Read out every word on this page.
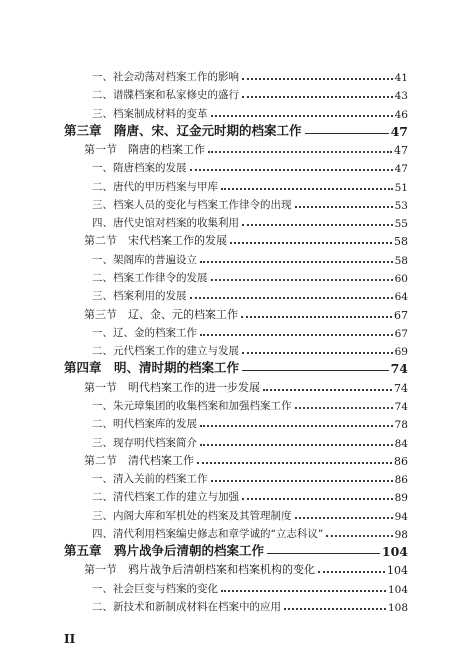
一、社会动荡对档案工作的影响	41
二、谱牒档案和私家修史的盛行	43
三、档案制成材料的变革	46
第三章　隋唐、宋、辽金元时期的档案工作	47
第一节　隋唐的档案工作	47
一、隋唐档案的发展	47
二、唐代的甲历档案与甲库	51
三、档案人员的变化与档案工作律令的出现	53
四、唐代史馆对档案的收集利用	55
第二节　宋代档案工作的发展	58
一、架阁库的普遍设立	58
二、档案工作律令的发展	60
三、档案利用的发展	64
第三节　辽、金、元的档案工作	67
一、辽、金的档案工作	67
二、元代档案工作的建立与发展	69
第四章　明、清时期的档案工作	74
第一节　明代档案工作的进一步发展	74
一、朱元璋集团的收集档案和加强档案工作	74
二、明代档案库的发展	78
三、现存明代档案简介	84
第二节　清代档案工作	86
一、清入关前的档案工作	86
二、清代档案工作的建立与加强	89
三、内阁大库和军机处的档案及其管理制度	94
四、清代利用档案编史修志和章学诚的“立志科议”	98
第五章　鸦片战争后清朝的档案工作	104
第一节　鸦片战争后清朝档案和档案机构的变化	104
一、社会巨变与档案的变化	104
二、新技术和新制成材料在档案中的应用	108
II
